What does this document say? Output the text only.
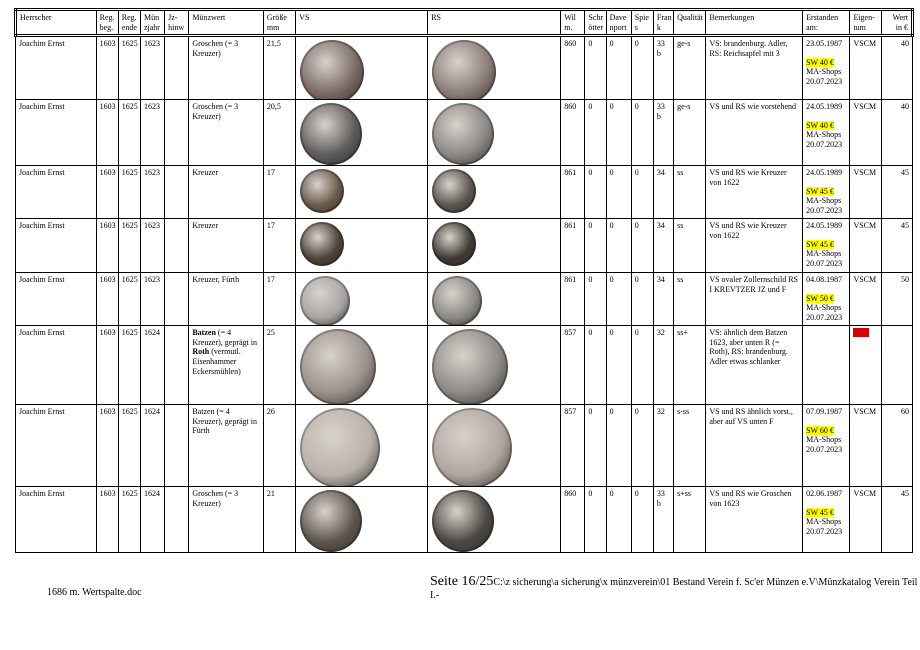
Herrscher	Reg. beg.	Reg. ende	Mün zjahr	Jz- hinw	Münzwert	Größe mm	VS	RS	Wil m.	Schr ötter	Dave nport	Spie s	Fran k	Qualität	Bemerkungen	Erstanden am:	Eigen- tum	Wert in €
Joachim Ernst	1603	1625	1623		Groschen (= 3 Kreuzer)	21,5			860	0	0	0	33 b	ge-s	VS: brandenburg. Adler, RS: Reichsapfel mit 3	23.05.1987
SW 40 €
MA-Shops
20.07.2023	VSCM	40
Joachim Ernst	1603	1625	1623		Groschen (= 3 Kreuzer)	20,5			860	0	0	0	33 b	ge-s	VS und RS wie vorstehend	24.05.1989
SW 40 €
MA-Shops
20.07.2023	VSCM	40
Joachim Ernst	1603	1625	1623		Kreuzer	17			861	0	0	0	34	ss	VS und RS wie Kreuzer von 1622	24.05.1989
SW 45 €
MA-Shops
20.07.2023	VSCM	45
Joachim Ernst	1603	1625	1623		Kreuzer	17			861	0	0	0	34	ss	VS und RS wie Kreuzer von 1622	24.05.1989
SW 45 €
MA-Shops
20.07.2023	VSCM	45
Joachim Ernst	1603	1625	1623		Kreuzer, Fürth	17			861	0	0	0	34	ss	VS ovaler Zollernschild RS I KREVTZER JZ und F	04.08.1987
SW 50 €
MA-Shops
20.07.2023	VSCM	50
Joachim Ernst	1603	1625	1624		Batzen (= 4 Kreuzer), geprägt in Roth (vermutl. Eisenhammer Eckersmühlen)	25			857	0	0	0	32	ss+	VS: ähnlich dem Batzen 1623, aber unten R (= Roth), RS: brandenburg. Adler etwas schlanker			
Joachim Ernst	1603	1625	1624		Batzen (= 4 Kreuzer), geprägt in Fürth	26			857	0	0	0	32	s-ss	VS und RS ähnlich vorst., aber auf VS unten F	07.09.1987
SW 60 €
MA-Shops
20.07.2023	VSCM	60
Joachim Ernst	1603	1625	1624		Groschen (= 3 Kreuzer)	21			860	0	0	0	33 b	s+ss	VS und RS wie Groschen von 1623	02.06.1987
SW 45 €
MA-Shops
20.07.2023	VSCM	45
Seite 16/25C:\z sicherung\a sicherung\x münzverein\01 Bestand Verein f. Sc'er Münzen e.V\Münzkatalog Verein Teil I.-
1686 m. Wertspalte.doc
